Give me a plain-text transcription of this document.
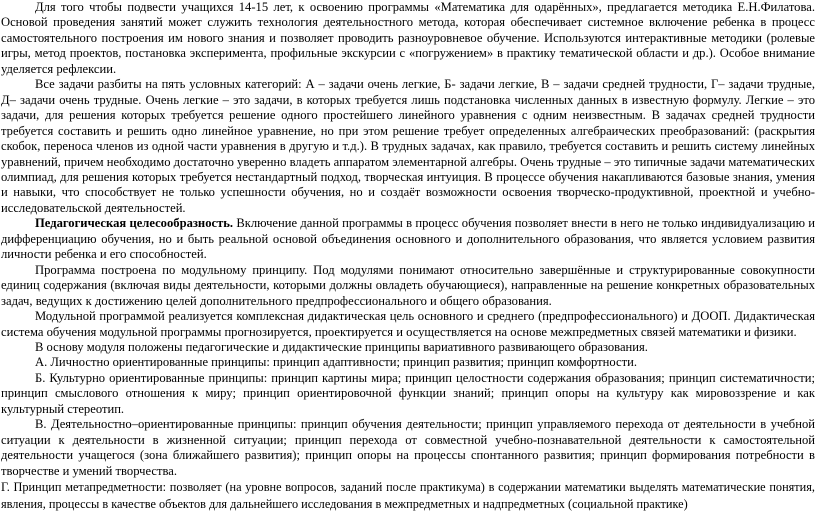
Для того чтобы подвести учащихся 14-15 лет, к освоению программы «Математика для одарённых», предлагается методика Е.Н.Филатова. Основой проведения занятий может служить технология деятельностного метода, которая обеспечивает системное включение ребенка в процесс самостоятельного построения им нового знания и позволяет проводить разноуровневое обучение. Используются интерактивные методики (ролевые игры, метод проектов, постановка эксперимента, профильные экскурсии с «погружением» в практику тематической области и др.). Особое внимание уделяется рефлексии.

Все задачи разбиты на пять условных категорий: А – задачи очень легкие, Б- задачи легкие, В – задачи средней трудности, Г– задачи трудные, Д– задачи очень трудные. Очень легкие – это задачи, в которых требуется лишь подстановка численных данных в известную формулу. Легкие – это задачи, для решения которых требуется решение одного простейшего линейного уравнения с одним неизвестным. В задачах средней трудности требуется составить и решить одно линейное уравнение, но при этом решение требует определенных алгебраических преобразований: (раскрытия скобок, переноса членов из одной части уравнения в другую и т.д.). В трудных задачах, как правило, требуется составить и решить систему линейных уравнений, причем необходимо достаточно уверенно владеть аппаратом элементарной алгебры. Очень трудные – это типичные задачи математических олимпиад, для решения которых требуется нестандартный подход, творческая интуиция. В процессе обучения накапливаются базовые знания, умения и навыки, что способствует не только успешности обучения, но и создаёт возможности освоения творческо-продуктивной, проектной и учебно-исследовательской деятельностей.

Педагогическая целесообразность. Включение данной программы в процесс обучения позволяет внести в него не только индивидуализацию и дифференциацию обучения, но и быть реальной основой объединения основного и дополнительного образования, что является условием развития личности ребенка и его способностей.

Программа построена по модульному принципу. Под модулями понимают относительно завершённые и структурированные совокупности единиц содержания (включая виды деятельности, которыми должны овладеть обучающиеся), направленные на решение конкретных образовательных задач, ведущих к достижению целей дополнительного предпрофессионального и общего образования.

Модульной программой реализуется комплексная дидактическая цель основного и среднего (предпрофессионального) и ДООП. Дидактическая система обучения модульной программы прогнозируется, проектируется и осуществляется на основе межпредметных связей математики и физики.

В основу модуля положены педагогические и дидактические принципы вариативного развивающего образования.

А. Личностно ориентированные принципы: принцип адаптивности; принцип развития; принцип комфортности.

Б. Культурно ориентированные принципы: принцип картины мира; принцип целостности содержания образования; принцип систематичности; принцип смыслового отношения к миру; принцип ориентировочной функции знаний; принцип опоры на культуру как мировоззрение и как культурный стереотип.

В. Деятельностно–ориентированные принципы: принцип обучения деятельности; принцип управляемого перехода от деятельности в учебной ситуации к деятельности в жизненной ситуации; принцип перехода от совместной учебно-познавательной деятельности к самостоятельной деятельности учащегося (зона ближайшего развития); принцип опоры на процессы спонтанного развития; принцип формирования потребности в творчестве и умений творчества.

Г. Принцип метапредметности: позволяет (на уровне вопросов, заданий после практикума) в содержании математики выделять математические понятия, явления, процессы в качестве объектов для дальнейшего исследования в межпредметных и надпредметных (социальной практике)
